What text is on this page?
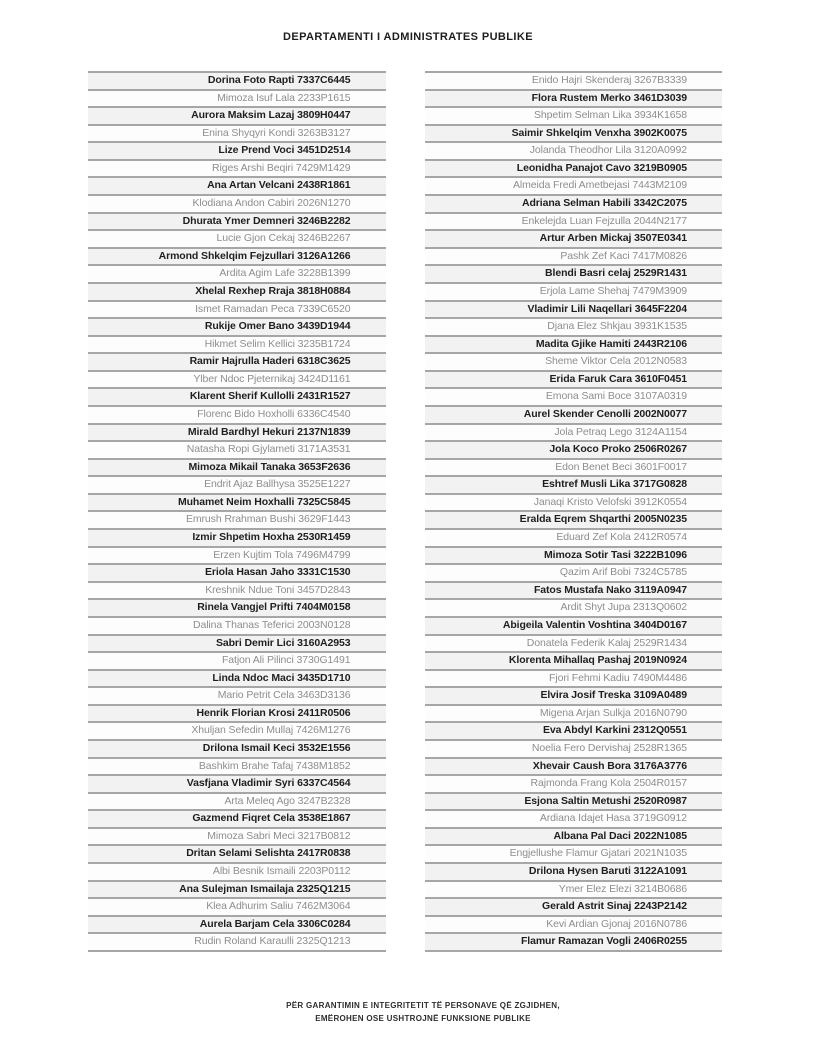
DEPARTAMENTI I ADMINISTRATES PUBLIKE
Dorina Foto Rapti 7337C6445
Mimoza Isuf Lala 2233P1615
Aurora Maksim Lazaj 3809H0447
Enina Shyqyri Kondi 3263B3127
Lize Prend Voci 3451D2514
Riges Arshi Beqiri 7429M1429
Ana Artan Velcani 2438R1861
Klodiana Andon Cabiri 2026N1270
Dhurata Ymer Demneri 3246B2282
Lucie Gjon Cekaj 3246B2267
Armond Shkelqim Fejzullari 3126A1266
Ardita Agim Lafe 3228B1399
Xhelal Rexhep Rraja 3818H0884
Ismet Ramadan Peca 7339C6520
Rukije Omer Bano 3439D1944
Hikmet Selim Kellici 3235B1724
Ramir Hajrulla Haderi 6318C3625
Ylber Ndoc Pjeternikaj 3424D1161
Klarent Sherif Kullolli 2431R1527
Florenc Bido Hoxholli 6336C4540
Mirald Bardhyl Hekuri 2137N1839
Natasha Ropi Gjylameti 3171A3531
Mimoza Mikail Tanaka 3653F2636
Endrit Ajaz Ballhysa 3525E1227
Muhamet Neim Hoxhalli 7325C5845
Emrush Rrahman Bushi 3629F1443
Izmir Shpetim Hoxha 2530R1459
Erzen Kujtim Tola 7496M4799
Eriola Hasan Jaho 3331C1530
Kreshnik Ndue Toni 3457D2843
Rinela Vangjel Prifti 7404M0158
Dalina Thanas Teferici 2003N0128
Sabri Demir Lici 3160A2953
Fatjon Ali Pilinci 3730G1491
Linda Ndoc Maci 3435D1710
Mario Petrit Cela 3463D3136
Henrik Florian Krosi 2411R0506
Xhuljan Sefedin Mullaj 7426M1276
Drilona Ismail Keci 3532E1556
Bashkim Brahe Tafaj 7438M1852
Vasfjana Vladimir Syri 6337C4564
Arta Meleq Ago 3247B2328
Gazmend Fiqret Cela 3538E1867
Mimoza Sabri Meci 3217B0812
Dritan Selami Selishta 2417R0838
Albi Besnik Ismaili 2203P0112
Ana Sulejman Ismailaja 2325Q1215
Klea Adhurim Saliu 7462M3064
Aurela Barjam Cela 3306C0284
Rudin Roland Karaulli 2325Q1213
Enido Hajri Skenderaj 3267B3339
Flora Rustem Merko 3461D3039
Shpetim Selman Lika 3934K1658
Saimir Shkelqim Venxha 3902K0075
Jolanda Theodhor Lila 3120A0992
Leonidha Panajot Cavo 3219B0905
Almeida Fredi Ametbejasi 7443M2109
Adriana Selman Habili 3342C2075
Enkelejda Luan Fejzulla 2044N2177
Artur Arben Mickaj 3507E0341
Pashk Zef Kaci 7417M0826
Blendi Basri celaj 2529R1431
Erjola Lame Shehaj 7479M3909
Vladimir Lili Naqellari 3645F2204
Djana Elez Shkjau 3931K1535
Madita Gjike Hamiti 2443R2106
Sheme Viktor Cela 2012N0583
Erida Faruk Cara 3610F0451
Emona Sami Boce 3107A0319
Aurel Skender Cenolli 2002N0077
Jola Petraq Lego 3124A1154
Jola Koco Proko 2506R0267
Edon Benet Beci 3601F0017
Eshtref Musli Lika 3717G0828
Janaqi Kristo Velofski 3912K0554
Eralda Eqrem Shqarthi 2005N0235
Eduard Zef Kola 2412R0574
Mimoza Sotir Tasi 3222B1096
Qazim Arif Bobi 7324C5785
Fatos Mustafa Nako 3119A0947
Ardit Shyt Jupa 2313Q0602
Abigeila Valentin Voshtina 3404D0167
Donatela Federik Kalaj 2529R1434
Klorenta Mihallaq Pashaj 2019N0924
Fjori Fehmi Kadiu 7490M4486
Elvira Josif Treska 3109A0489
Migena Arjan Sulkja 2016N0790
Eva Abdyl Karkini 2312Q0551
Noelia Fero Dervishaj 2528R1365
Xhevair Caush Bora 3176A3776
Rajmonda Frang Kola 2504R0157
Esjona Saltin Metushi 2520R0987
Ardiana Idajet Hasa 3719G0912
Albana Pal Daci 2022N1085
Engjellushe Flamur Gjatari 2021N1035
Drilona Hysen Baruti 3122A1091
Ymer Elez Elezi 3214B0686
Gerald Astrit Sinaj 2243P2142
Kevi Ardian Gjonaj 2016N0786
Flamur Ramazan Vogli 2406R0255
PËR GARANTIMIN E INTEGRITETIT TË PERSONAVE QË ZGJIDHEN,
EMËROHEN OSE USHTROJNË FUNKSIONE PUBLIKE
